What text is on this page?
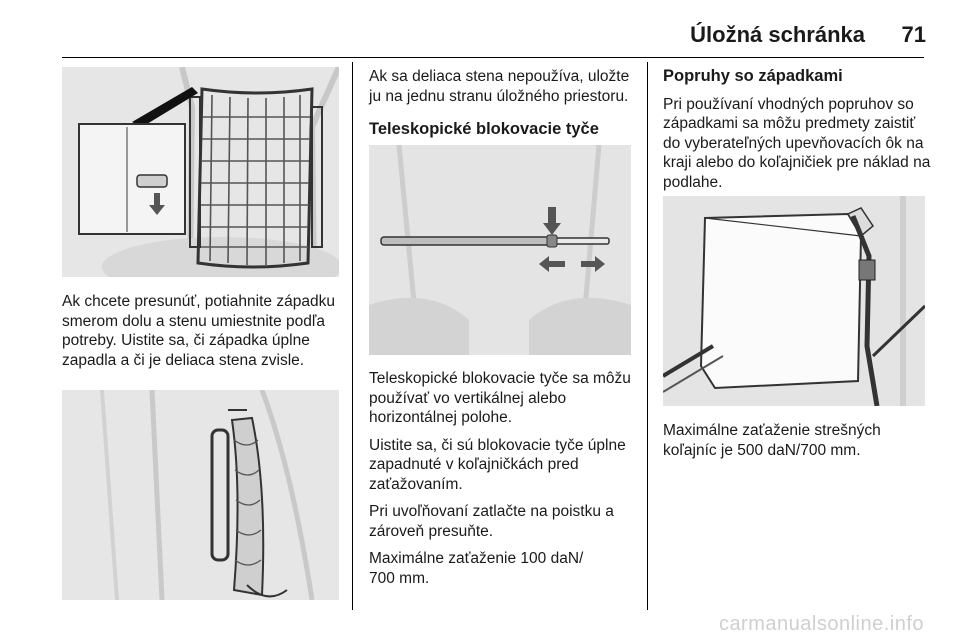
Úložná schránka 71

Ak chcete presunúť, potiahnite západku smerom dolu a stenu umiestnite podľa potreby. Uistite sa, či západka úplne zapadla a či je deliaca stena zvisle.

Ak sa deliaca stena nepoužíva, uložte ju na jednu stranu úložného priestoru.

Teleskopické blokovacie tyče

Teleskopické blokovacie tyče sa môžu používať vo vertikálnej alebo horizontálnej polohe.

Uistite sa, či sú blokovacie tyče úplne zapadnuté v koľajničkách pred zaťažovaním.

Pri uvoľňovaní zatlačte na poistku a zároveň presuňte.

Maximálne zaťaženie 100 daN/ 700 mm.

Popruhy so západkami

Pri používaní vhodných popruhov so západkami sa môžu predmety zaistiť do vyberateľných upevňovacích ôk na kraji alebo do koľajničiek pre náklad na podlahe.

Maximálne zaťaženie strešných koľajníc je 500 daN/700 mm.

carmanualsonline.info
